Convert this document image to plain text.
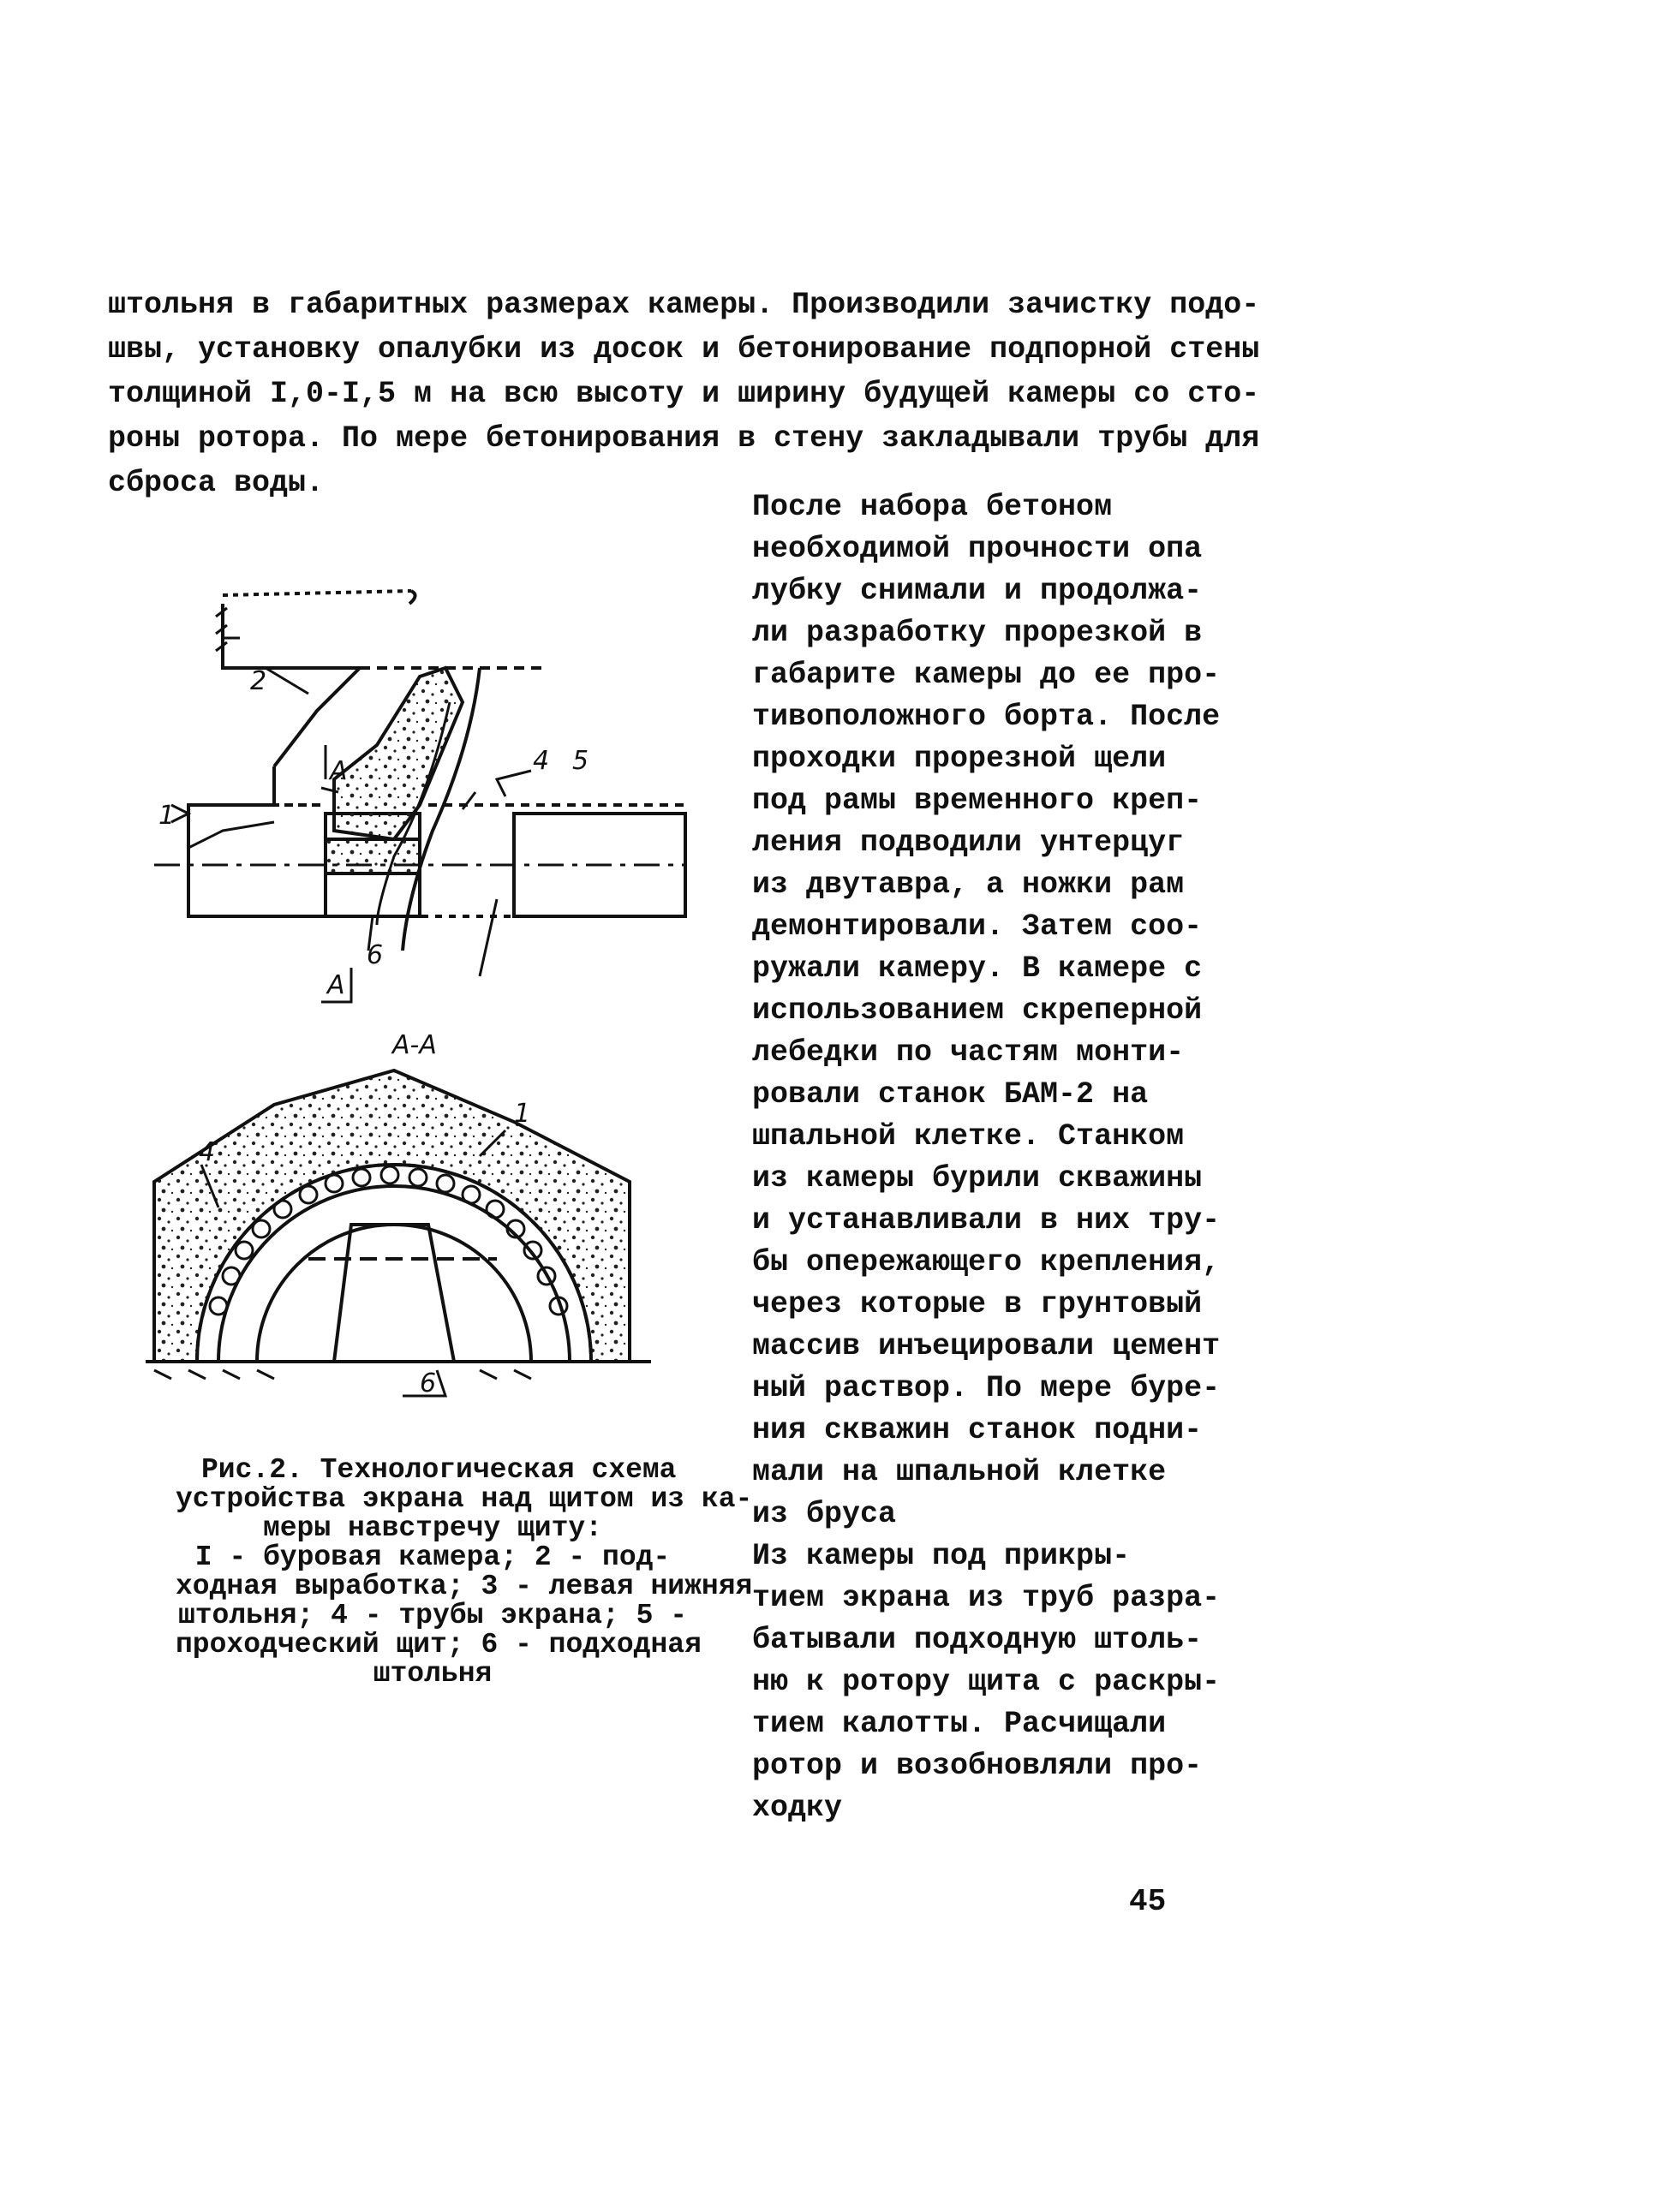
штольня в габаритных размерах камеры. Производили зачистку подо-
швы, установку опалубки из досок и бетонирование подпорной стены
толщиной I,0-I,5 м на всю высоту и ширину будущей камеры со сто-
роны ротора. По мере бетонирования в стену закладывали трубы для
сброса воды.
1
2
4 5
6
А
А
А-А
4
1
6
Рис.2. Технологическая схема
устройства экрана над щитом из ка-
меры навстречу щиту:
I - буровая камера; 2 - под-
ходная выработка; 3 - левая нижняя
штольня; 4 - трубы экрана; 5 -
проходческий щит; 6 - подходная
штольня
После набора бетоном
необходимой прочности опа
лубку снимали и продолжа-
ли разработку прорезкой в
габарите камеры до ее про-
тивоположного борта. После
проходки прорезной щели
под рамы временного креп-
ления подводили унтерцуг
из двутавра, а ножки рам
демонтировали. Затем соо-
ружали камеру. В камере с
использованием скреперной
лебедки по частям монти-
ровали станок БАМ-2 на
шпальной клетке. Станком
из камеры бурили скважины
и устанавливали в них тру-
бы опережающего крепления,
через которые в грунтовый
массив инъецировали цемент
ный раствор. По мере буре-
ния скважин станок подни-
мали на шпальной клетке
из бруса
Из камеры под прикры-
тием экрана из труб разра-
батывали подходную штоль-
ню к ротору щита с раскры-
тием калотты. Расчищали
ротор и возобновляли про-
ходку
45
